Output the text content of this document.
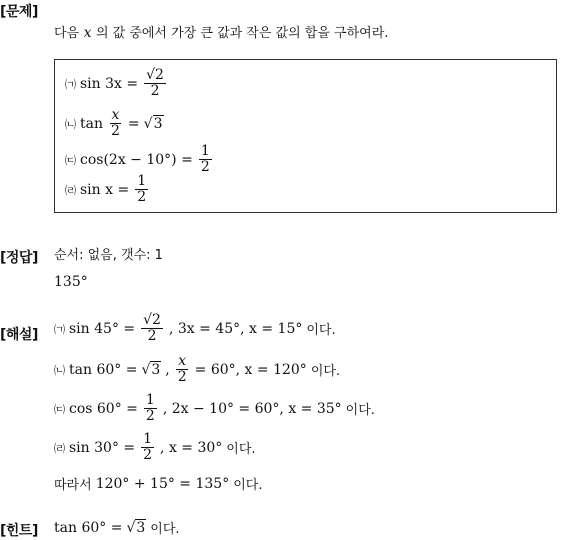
[문제]
다음 x 의 값 중에서 가장 큰 값과 작은 값의 합을 구하여라.
㈀ $\sin 3x = \frac{√2}{2}$
㈁ $\tan \frac{x}{2} = √3$
㈂ $\cos(2x - 10^\circ) = \frac{1}{2}$
㈃ $\sin x = \frac{1}{2}$
[정답] 순서: 없음, 갯수: 1
135°
[해설] ㈀ $\sin 45^\circ = \frac{√2}{2}$ , 3x = 45°, x = 15° 이다.
㈁ tan 60° = √3 , $\frac{x}{2} = 60^\circ$, x = 120° 이다.
㈂ $\cos 60^\circ = \frac{1}{2}$ , 2x − 10° = 60°, x = 35° 이다.
㈃ $\sin 30^\circ = \frac{1}{2}$ , x = 30° 이다.
따라서 120° + 15° = 135° 이다.
[힌트] tan 60° = √3 이다.
